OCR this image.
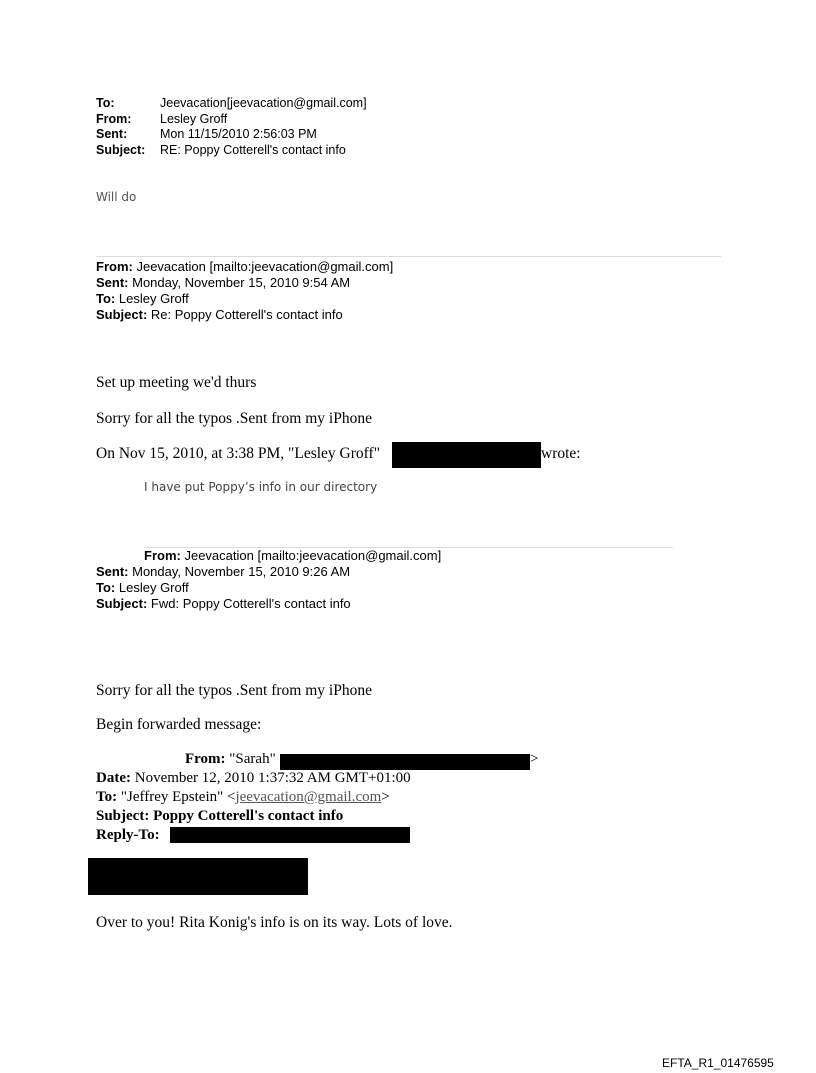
To:	Jeevacation[jeevacation@gmail.com]
From:	Lesley Groff
Sent:	Mon 11/15/2010 2:56:03 PM
Subject:	RE: Poppy Cotterell's contact info
Will do
From: Jeevacation [mailto:jeevacation@gmail.com]
Sent: Monday, November 15, 2010 9:54 AM
To: Lesley Groff
Subject: Re: Poppy Cotterell's contact info
Set up meeting we'd thurs
Sorry for all the typos .Sent from my iPhone
On Nov 15, 2010, at 3:38 PM, "Lesley Groff"	wrote:
I have put Poppy’s info in our directory
From: Jeevacation [mailto:jeevacation@gmail.com]
Sent: Monday, November 15, 2010 9:26 AM
To: Lesley Groff
Subject: Fwd: Poppy Cotterell's contact info
Sorry for all the typos .Sent from my iPhone
Begin forwarded message:
From: "Sarah"	>
Date: November 12, 2010 1:37:32 AM GMT+01:00
To: "Jeffrey Epstein" <jeevacation@gmail.com>
Subject: Poppy Cotterell's contact info
Reply-To:
Over to you! Rita Konig's info is on its way. Lots of love.
EFTA_R1_01476595
